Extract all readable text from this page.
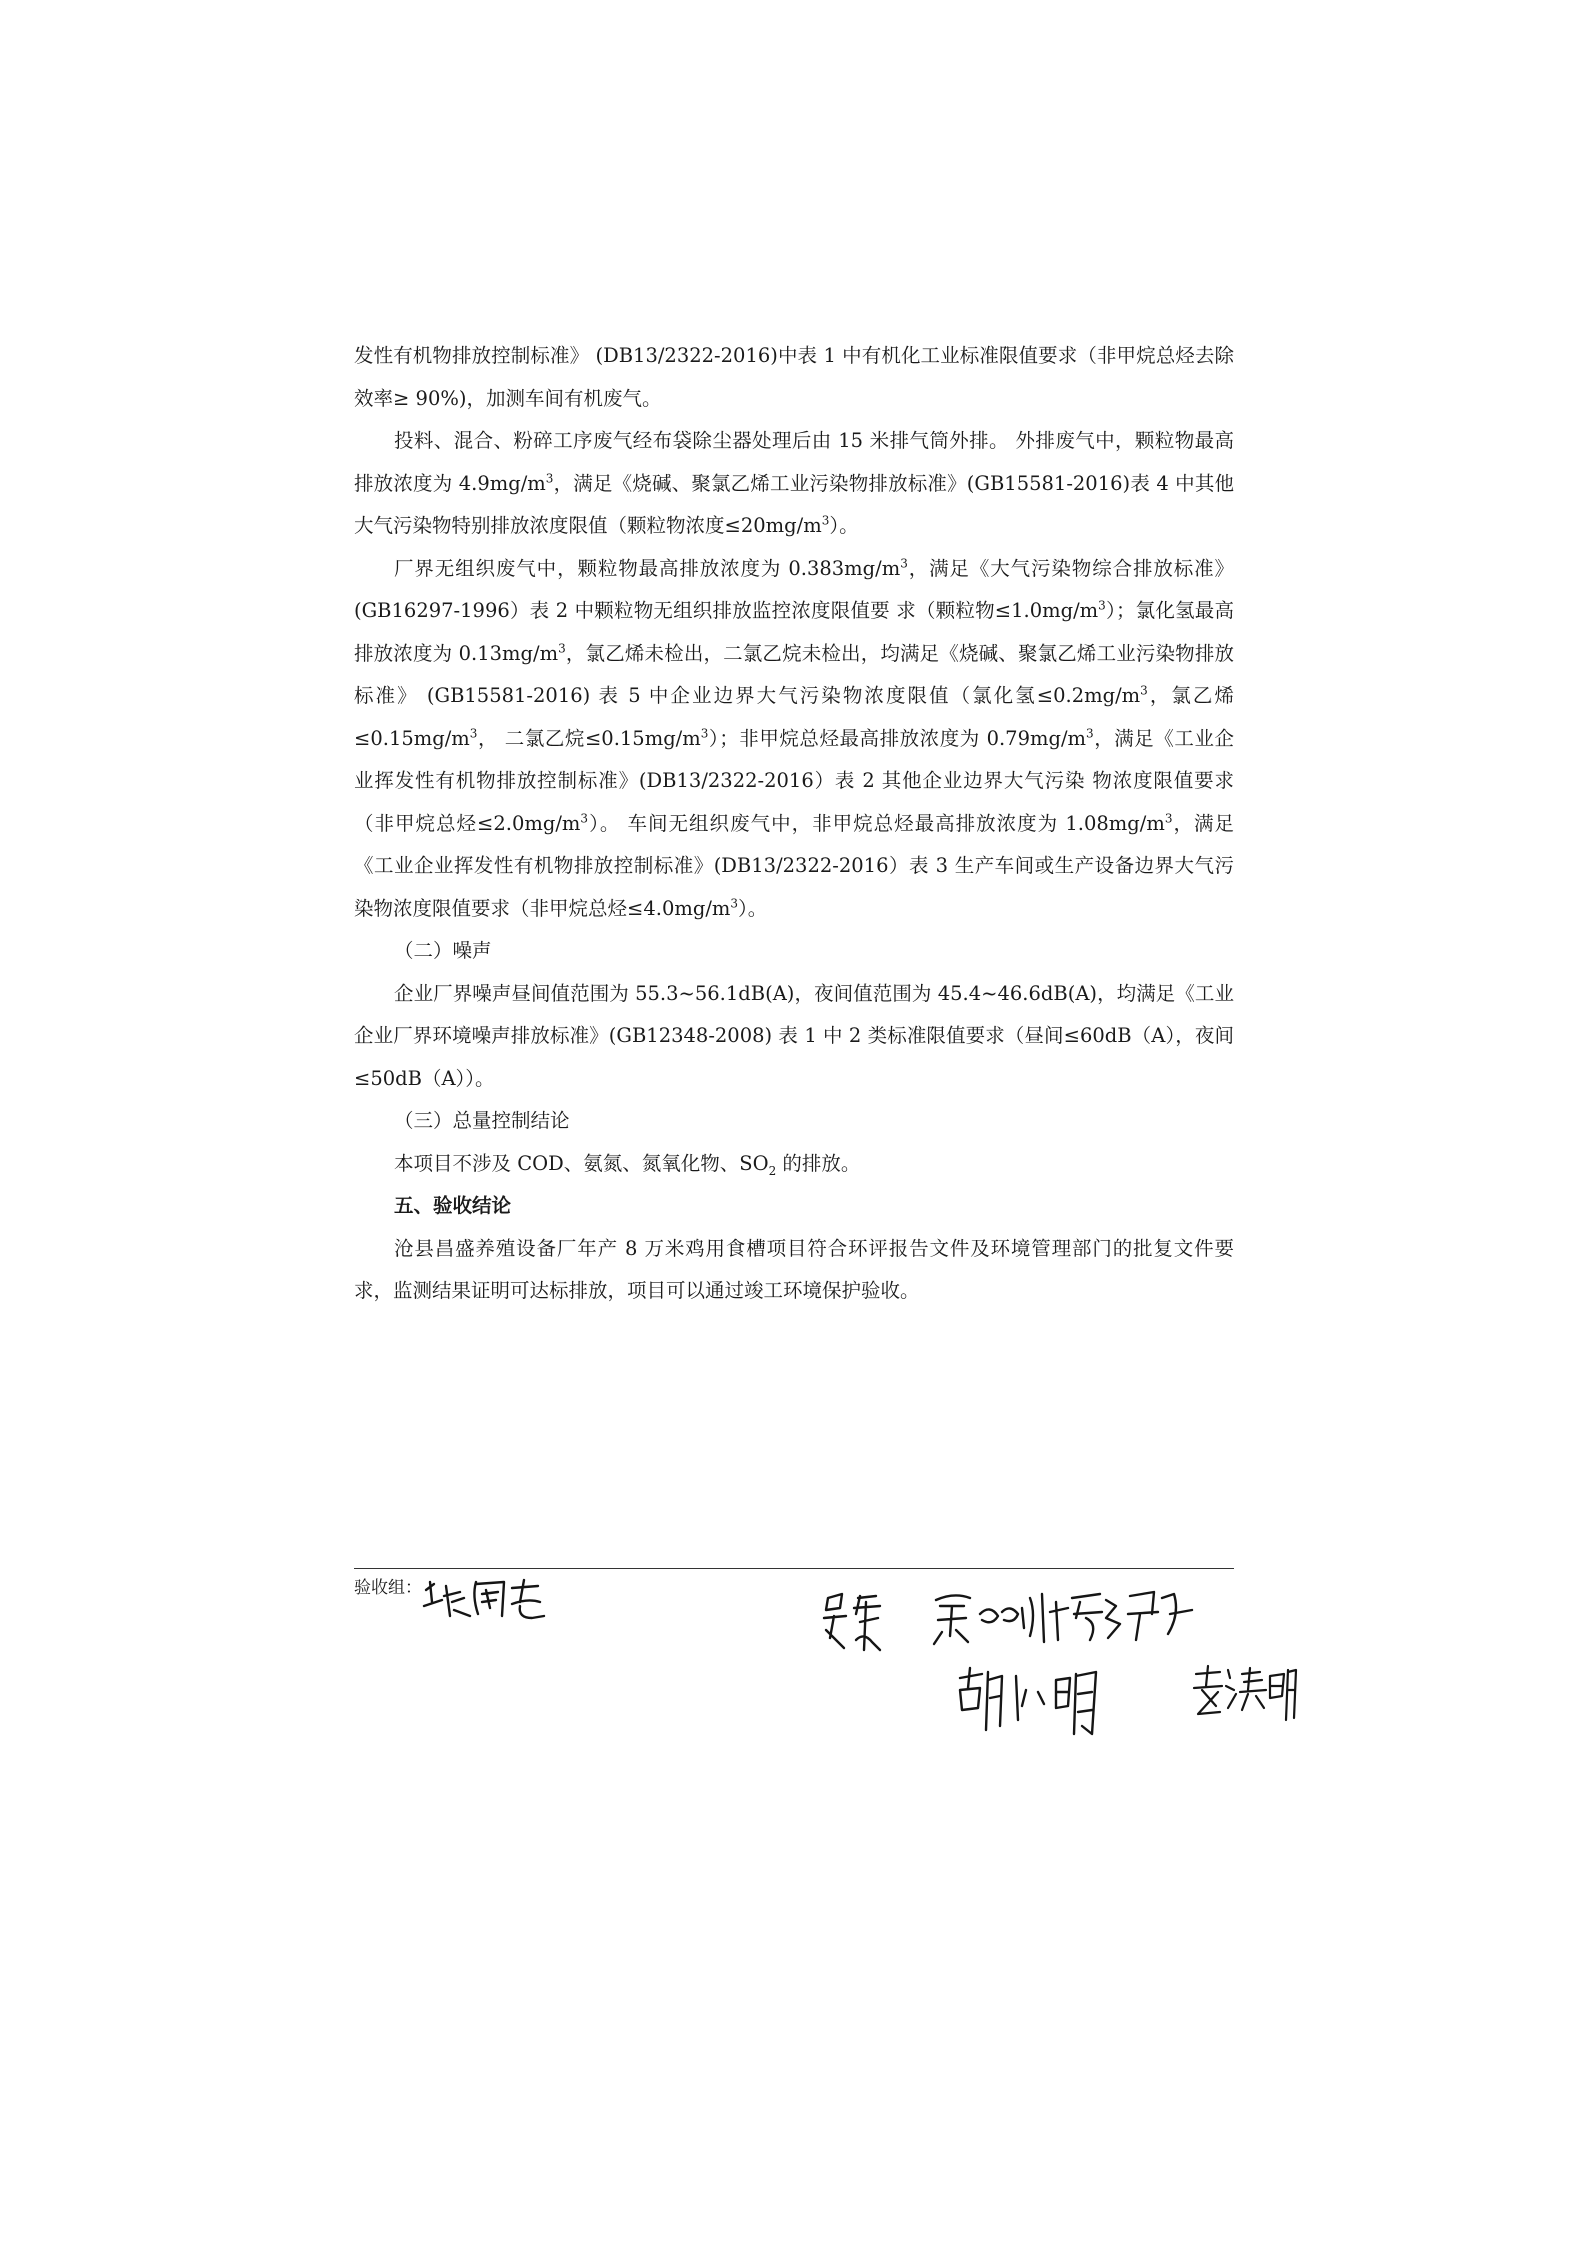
发性有机物排放控制标准》 (DB13/2322-2016)中表 1 中有机化工业标准限值要求（非甲烷总烃去除效率≥ 90%)，加测车间有机废气。

投料、混合、粉碎工序废气经布袋除尘器处理后由 15 米排气筒外排。 外排废气中，颗粒物最高排放浓度为 $4.9mg/m^3$，满足《烧碱、聚氯乙烯工业污染物排放标准》(GB15581-2016)表 4 中其他大气污染物特别排放浓度限值（颗粒物浓度$\le 20mg/m^3$）。

厂界无组织废气中，颗粒物最高排放浓度为 $0.383mg/m^3$，满足《大气污染物综合排放标准》(GB16297-1996）表 2 中颗粒物无组织排放监控浓度限值要 求（颗粒物$\le 1.0mg/m^3$）；氯化氢最高排放浓度为 $0.13mg/m^3$，氯乙烯未检出，二氯乙烷未检出，均满足《烧碱、聚氯乙烯工业污染物排放标准》 (GB15581-2016) 表 5 中企业边界大气污染物浓度限值（氯化氢$\le 0.2mg/m^3$，氯乙烯$\le 0.15mg/m^3$， 二氯乙烷$\le 0.15mg/m^3$）；非甲烷总烃最高排放浓度为 $0.79mg/m^3$，满足《工业企业挥发性有机物排放控制标准》(DB13/2322-2016）表 2 其他企业边界大气污染 物浓度限值要求（非甲烷总烃$\le 2.0mg/m^3$）。 车间无组织废气中，非甲烷总烃最高排放浓度为 $1.08mg/m^3$，满足《工业企业挥发性有机物排放控制标准》(DB13/2322-2016）表 3 生产车间或生产设备边界大气污染物浓度限值要求（非甲烷总烃$\le 4.0mg/m^3$）。

（二）噪声

企业厂界噪声昼间值范围为 55.3~56.1dB(A)，夜间值范围为 45.4~46.6dB(A)，均满足《工业企业厂界环境噪声排放标准》(GB12348-2008) 表 1 中 2 类标准限值要求（昼间≤60dB（A），夜间≤50dB（A））。

（三）总量控制结论

本项目不涉及 COD、氨氮、氮氧化物、$SO_2$ 的排放。

五、验收结论

沧县昌盛养殖设备厂年产 8 万米鸡用食槽项目符合环评报告文件及环境管理部门的批复文件要求，监测结果证明可达标排放，项目可以通过竣工环境保护验收。

验收组：
